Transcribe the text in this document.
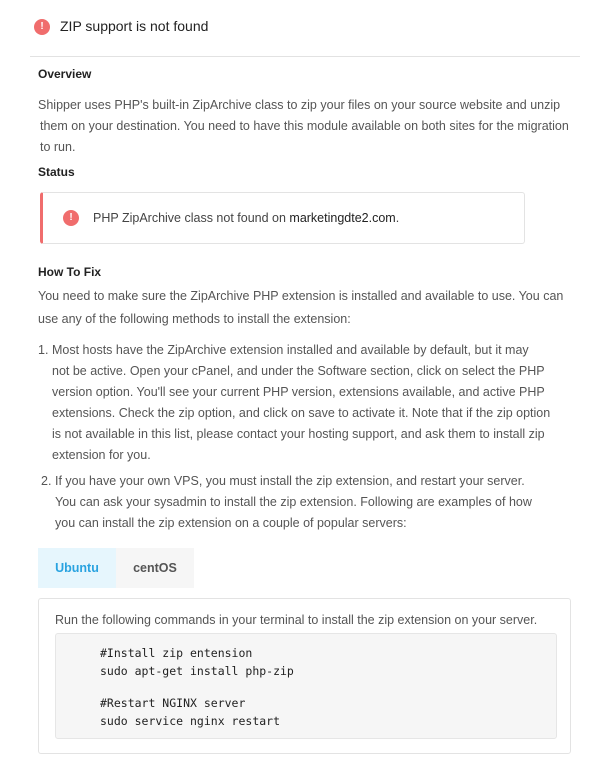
!	ZIP support is not found
Overview
Shipper uses PHP's built-in ZipArchive class to zip your files on your source website and unzip
them on your destination. You need to have this module available on both sites for the migration
to run.
Status
!	PHP ZipArchive class not found on marketingdte2.com.
How To Fix
You need to make sure the ZipArchive PHP extension is installed and available to use. You can
use any of the following methods to install the extension:
1. Most hosts have the ZipArchive extension installed and available by default, but it may
not be active. Open your cPanel, and under the Software section, click on select the PHP
version option. You'll see your current PHP version, extensions available, and active PHP
extensions. Check the zip option, and click on save to activate it. Note that if the zip option
is not available in this list, please contact your hosting support, and ask them to install zip
extension for you.
2. If you have your own VPS, you must install the zip extension, and restart your server.
You can ask your sysadmin to install the zip extension. Following are examples of how
you can install the zip extension on a couple of popular servers:
Ubuntu	centOS
Run the following commands in your terminal to install the zip extension on your server.
#Install zip entension
sudo apt-get install php-zip
#Restart NGINX server
sudo service nginx restart
